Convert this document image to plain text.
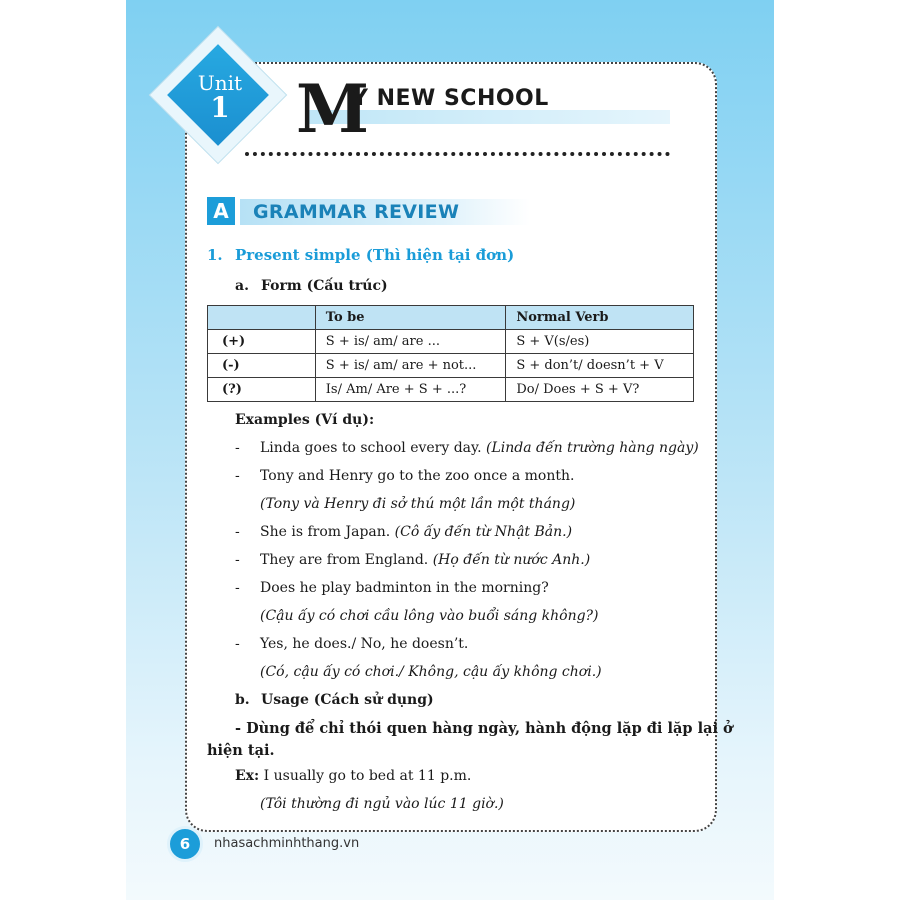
Unit
1	M
Y NEW SCHOOL
A	GRAMMAR REVIEW
1. Present simple (Thì hiện tại đơn)
a. Form (Cấu trúc)
	To be	Normal Verb
(+)	S + is/ am/ are ...	S + V(s/es)
(-)	S + is/ am/ are + not...	S + don’t/ doesn’t + V
(?)	Is/ Am/ Are + S + ...?	Do/ Does + S + V?
Examples (Ví dụ):
- Linda goes to school every day. (Linda đến trường hàng ngày)
- Tony and Henry go to the zoo once a month.
(Tony và Henry đi sở thú một lần một tháng)
- She is from Japan. (Cô ấy đến từ Nhật Bản.)
- They are from England. (Họ đến từ nước Anh.)
- Does he play badminton in the morning?
(Cậu ấy có chơi cầu lông vào buổi sáng không?)
- Yes, he does./ No, he doesn’t.
(Có, cậu ấy có chơi./ Không, cậu ấy không chơi.)
b. Usage (Cách sử dụng)
- Dùng để chỉ thói quen hàng ngày, hành động lặp đi lặp lại ở
hiện tại.
Ex: I usually go to bed at 11 p.m.
(Tôi thường đi ngủ vào lúc 11 giờ.)
6	nhasachminhthang.vn
